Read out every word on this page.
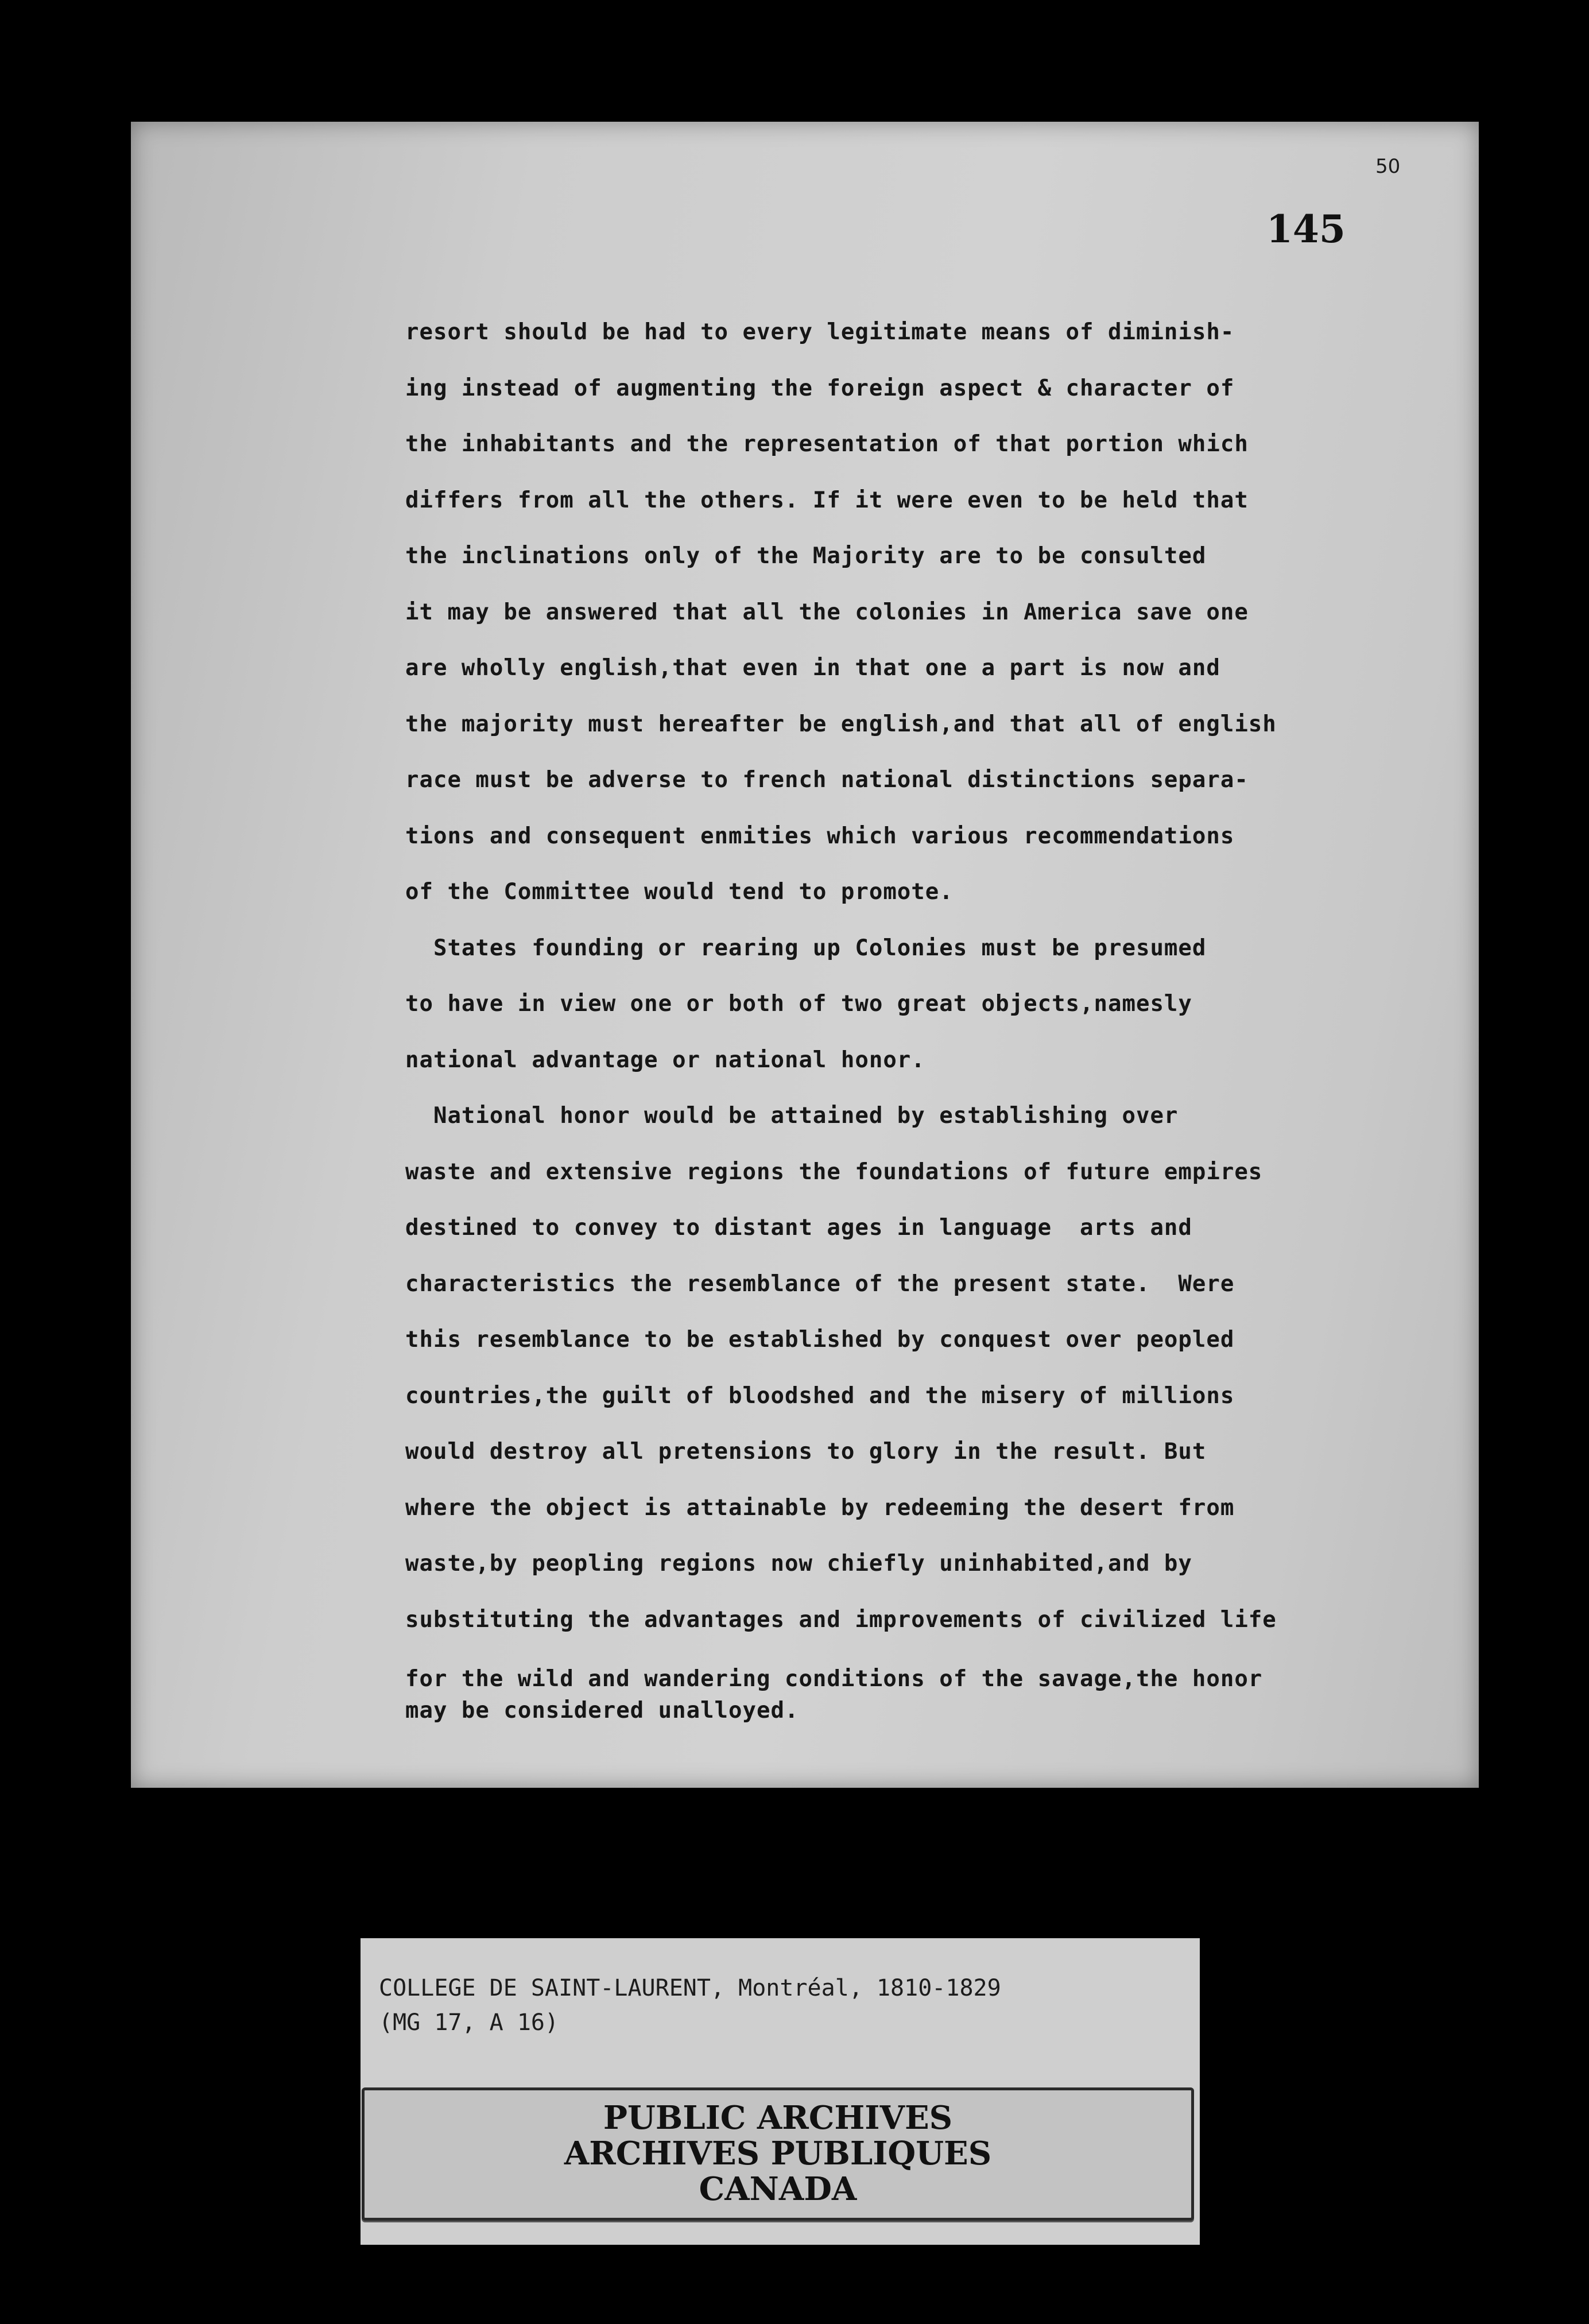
50
145
resort should be had to every legitimate means of diminish-
ing instead of augmenting the foreign aspect & character of
the inhabitants and the representation of that portion which
differs from all the others. If it were even to be held that
the inclinations only of the Majority are to be consulted
it may be answered that all the colonies in America save one
are wholly english,that even in that one a part is now and
the majority must hereafter be english,and that all of english
race must be adverse to french national distinctions separa-
tions and consequent enmities which various recommendations
of the Committee would tend to promote.
States founding or rearing up Colonies must be presumed
to have in view one or both of two great objects,namesly
national advantage or national honor.
National honor would be attained by establishing over
waste and extensive regions the foundations of future empires
destined to convey to distant ages in language  arts and
characteristics the resemblance of the present state.  Were
this resemblance to be established by conquest over peopled
countries,the guilt of bloodshed and the misery of millions
would destroy all pretensions to glory in the result. But
where the object is attainable by redeeming the desert from
waste,by peopling regions now chiefly uninhabited,and by
substituting the advantages and improvements of civilized life
for the wild and wandering conditions of the savage,the honor
may be considered unalloyed.
COLLEGE DE SAINT-LAURENT, Montréal, 1810-1829
(MG 17, A 16)
PUBLIC ARCHIVES
ARCHIVES PUBLIQUES
CANADA
